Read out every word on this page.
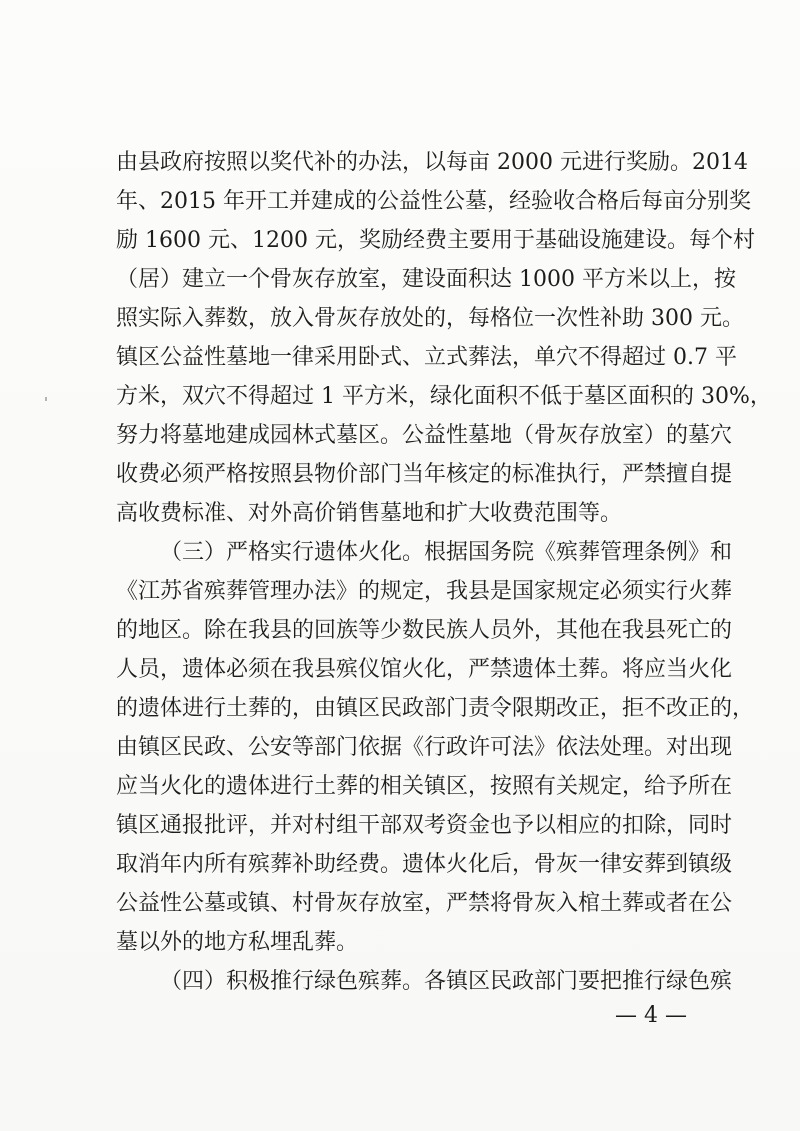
由县政府按照以奖代补的办法，以每亩 2000 元进行奖励。2014
年、2015 年开工并建成的公益性公墓，经验收合格后每亩分别奖
励 1600 元、1200 元，奖励经费主要用于基础设施建设。每个村
（居）建立一个骨灰存放室，建设面积达 1000 平方米以上，按
照实际入葬数，放入骨灰存放处的，每格位一次性补助 300 元。
镇区公益性墓地一律采用卧式、立式葬法，单穴不得超过 0.7 平
方米，双穴不得超过 1 平方米，绿化面积不低于墓区面积的 30%，
努力将墓地建成园林式墓区。公益性墓地（骨灰存放室）的墓穴
收费必须严格按照县物价部门当年核定的标准执行，严禁擅自提
高收费标准、对外高价销售墓地和扩大收费范围等。
（三）严格实行遗体火化。根据国务院《殡葬管理条例》和
《江苏省殡葬管理办法》的规定，我县是国家规定必须实行火葬
的地区。除在我县的回族等少数民族人员外，其他在我县死亡的
人员，遗体必须在我县殡仪馆火化，严禁遗体土葬。将应当火化
的遗体进行土葬的，由镇区民政部门责令限期改正，拒不改正的，
由镇区民政、公安等部门依据《行政许可法》依法处理。对出现
应当火化的遗体进行土葬的相关镇区，按照有关规定，给予所在
镇区通报批评，并对村组干部双考资金也予以相应的扣除，同时
取消年内所有殡葬补助经费。遗体火化后，骨灰一律安葬到镇级
公益性公墓或镇、村骨灰存放室，严禁将骨灰入棺土葬或者在公
墓以外的地方私埋乱葬。
（四）积极推行绿色殡葬。各镇区民政部门要把推行绿色殡
— 4 —
